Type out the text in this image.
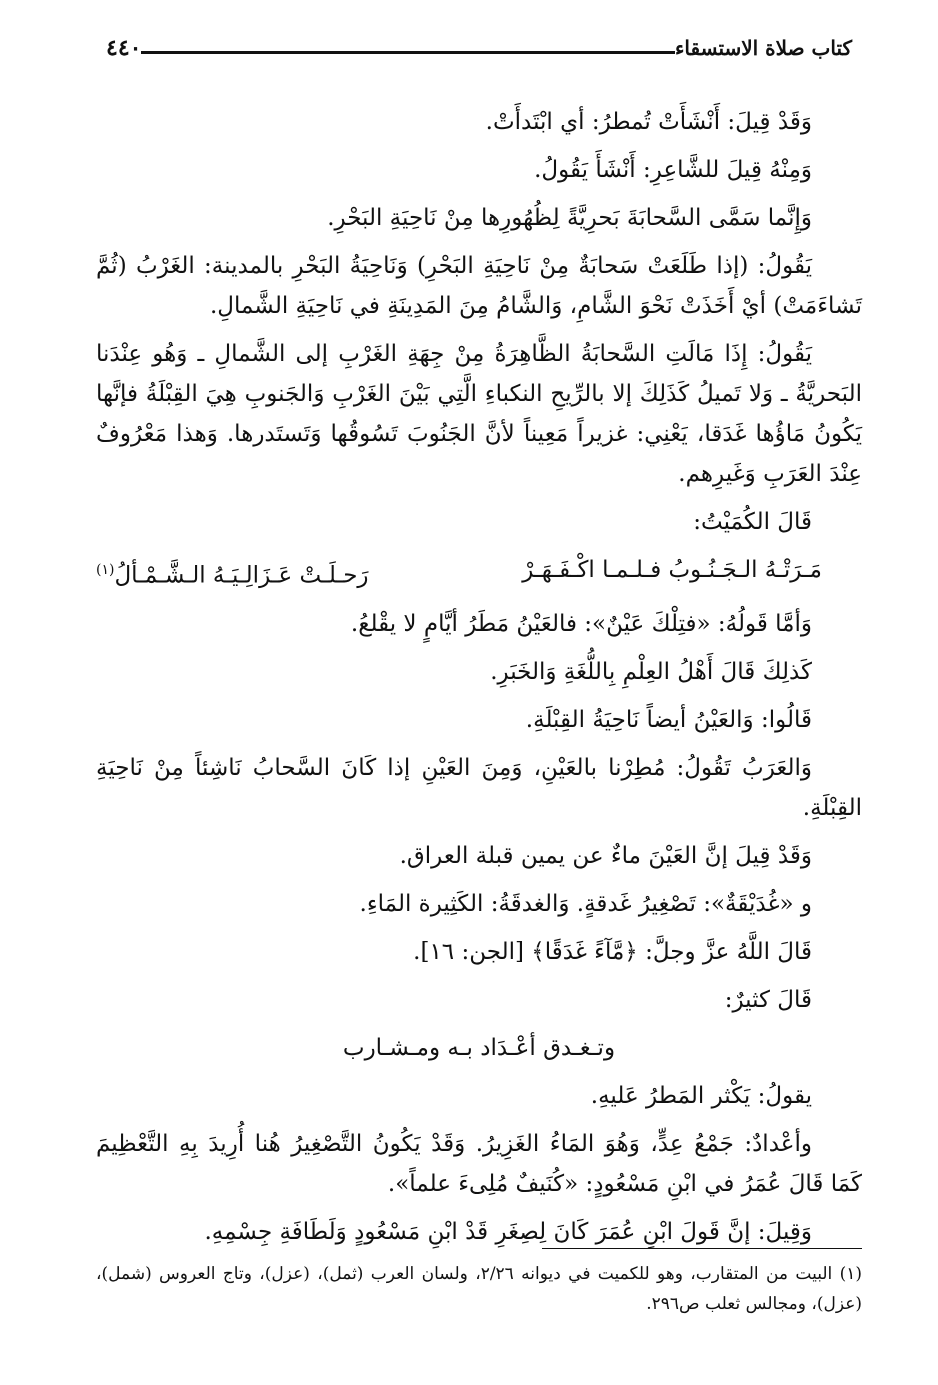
كتاب صلاة الاستسقاء
٤٤٠

وَقَدْ قِيلَ: أَنْشَأَتْ تُمطرُ: أي ابْتَدأَتْ.

وَمِنْهُ قِيلَ للشَّاعِرِ: أَنْشَأَ يَقُولُ.

وَإِنَّما سَمَّى السَّحابَةَ بَحرِيَّةً لِظُهُورِها مِنْ نَاحِيَةِ البَحْرِ.

يَقُولُ: (إذا طَلَعَتْ سَحابَةٌ مِنْ نَاحِيَةِ البَحْرِ) وَنَاحِيَةُ البَحْرِ بالمدينة: الغَرْبُ (ثُمَّ تَشاءَمَتْ) أيْ أَخَذَتْ نَحْوَ الشَّامِ، وَالشَّامُ مِنَ المَدِينَةِ في نَاحِيَةِ الشَّمالِ.

يَقُولُ: إِذَا مَالَتِ السَّحابَةُ الظَّاهِرَةُ مِنْ جِهَةِ الغَرْبِ إلى الشَّمالِ ـ وَهُو عِنْدَنا البَحريَّةُ ـ وَلا تَميلُ كَذَلِكَ إلا بالرِّيحِ النكباءِ الَّتِي بَيْنَ الغَرْبِ وَالجَنوبِ هِيَ القِبْلَةُ فإنَّها يَكُونُ مَاؤُها غَدَقا، يَعْنِي: غزيراً مَعِيناً لأنَّ الجَنُوبَ تَسُوقُها وَتَستَدرها. وَهذا مَعْرُوفٌ عِنْدَ العَرَبِ وَغَيرِهم.

قَالَ الكُمَيْتُ:

مَـرَتْـهُ الـجَـنُـوبُ فـلـمـا اكْـفَـهَـرْ
رَحـلَـتْ عَـزَالِـيَـهُ الـشَّـمْـألُ$^{(١)}$

وَأمَّا قَولُهُ: «فتِلْكَ عَيْنٌ»: فالعَيْنُ مَطَرُ أيَّامٍ لا يقْلعُ.

كَذلِكَ قَالَ أَهْلُ العِلْمِ بِاللُّغَةِ وَالخَبَرِ.

قَالُوا: وَالعَيْنُ أيضاً نَاحِيَةُ القِبْلَةِ.

وَالعَرَبُ تَقُولُ: مُطِرْنا بالعَيْنِ، وَمِنَ العَيْنِ إذا كَانَ السَّحابُ نَاشِئاً مِنْ نَاحِيَةِ القِبْلَةِ.

وَقَدْ قِيلَ إنَّ العَيْنَ ماءٌ عن يمين قبلة العراق.

و «غُدَيْقَةٌ»: تَصْغِيرُ غَدقةٍ. وَالغدقَةُ: الكَثِيرة المَاءِ.

قَالَ اللَّهُ عزَّ وجلَّ: ﴿مَّآءً غَدَقًا﴾ [الجن: ١٦].

قَالَ كثيرٌ:

وتـغـدق أعْـدَاد بـه ومـشـارب

يقولُ: يَكْثر المَطرُ عَليهِ.

وأعْدادٌ: جَمْعُ عِدٍّ، وَهُوَ المَاءُ الغَزِيرُ. وَقَدْ يَكُونُ التَّصْغِيرُ هُنا أُرِيدَ بِهِ التَّعْظِيمَ كَمَا قَالَ عُمَرُ في ابْنِ مَسْعُودٍ: «كُنَيفٌ مُلِىءَ علماً».

وَقِيلَ: إنَّ قَولَ ابْنِ عُمَرَ كَانَ لِصِغَرِ قَدْ ابْنِ مَسْعُودٍ وَلَطَافَةِ جِسْمِهِ.

(١) البيت من المتقارب، وهو للكميت في ديوانه ٢/٢٦، ولسان العرب (ثمل)، (عزل)، وتاج العروس (شمل)، (عزل)، ومجالس ثعلب ص٢٩٦.
